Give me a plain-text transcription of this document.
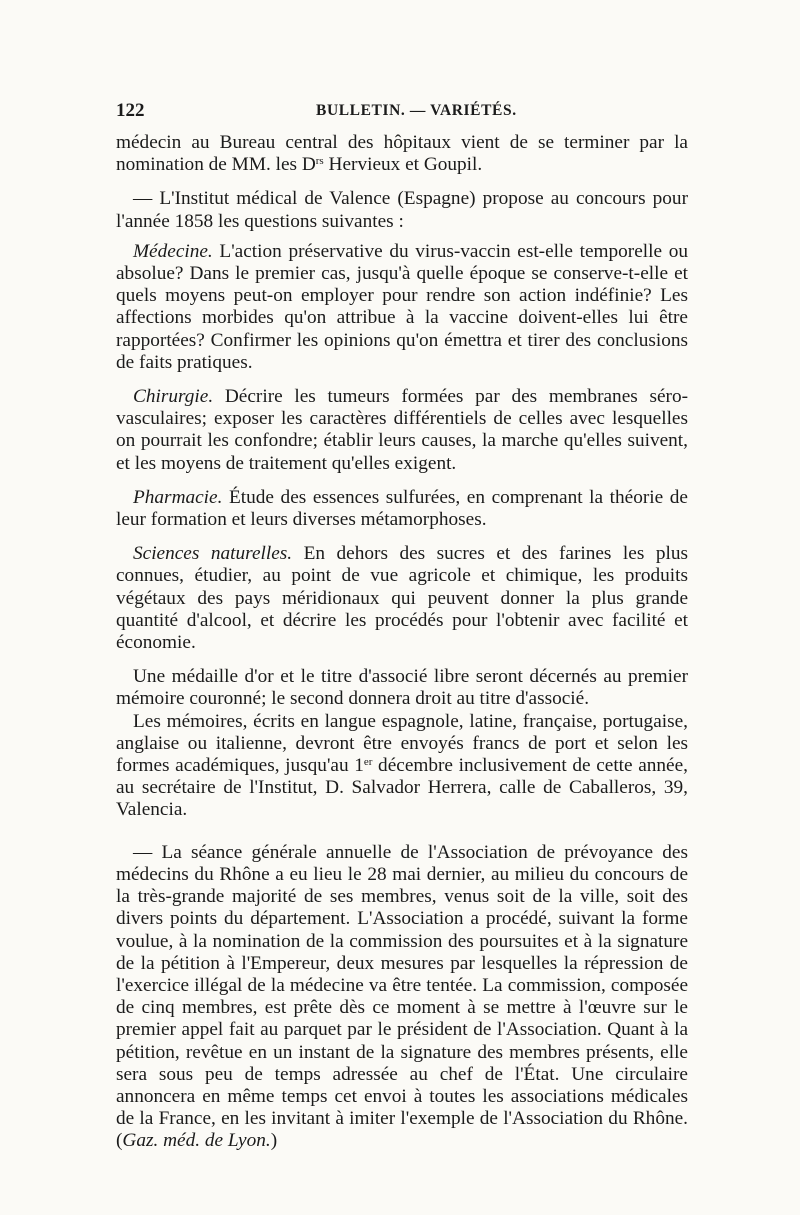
122	BULLETIN. — VARIÉTÉS.

médecin au Bureau central des hôpitaux vient de se terminer par la nomination de MM. les $D^{rs}$ Hervieux et Goupil.

— L'Institut médical de Valence (Espagne) propose au concours pour l'année 1858 les questions suivantes :

Médecine. L'action préservative du virus-vaccin est-elle temporelle ou absolue? Dans le premier cas, jusqu'à quelle époque se conserve-t-elle et quels moyens peut-on employer pour rendre son action indéfinie? Les affections morbides qu'on attribue à la vaccine doivent-elles lui être rapportées? Confirmer les opinions qu'on émettra et tirer des conclusions de faits pratiques.

Chirurgie. Décrire les tumeurs formées par des membranes séro-vasculaires; exposer les caractères différentiels de celles avec lesquelles on pourrait les confondre; établir leurs causes, la marche qu'elles suivent, et les moyens de traitement qu'elles exigent.

Pharmacie. Étude des essences sulfurées, en comprenant la théorie de leur formation et leurs diverses métamorphoses.

Sciences naturelles. En dehors des sucres et des farines les plus connues, étudier, au point de vue agricole et chimique, les produits végétaux des pays méridionaux qui peuvent donner la plus grande quantité d'alcool, et décrire les procédés pour l'obtenir avec facilité et économie.

Une médaille d'or et le titre d'associé libre seront décernés au premier mémoire couronné; le second donnera droit au titre d'associé.

Les mémoires, écrits en langue espagnole, latine, française, portugaise, anglaise ou italienne, devront être envoyés francs de port et selon les formes académiques, jusqu'au 1er décembre inclusivement de cette année, au secrétaire de l'Institut, D. Salvador Herrera, calle de Caballeros, 39, Valencia.

— La séance générale annuelle de l'Association de prévoyance des médecins du Rhône a eu lieu le 28 mai dernier, au milieu du concours de la très-grande majorité de ses membres, venus soit de la ville, soit des divers points du département. L'Association a procédé, suivant la forme voulue, à la nomination de la commission des poursuites et à la signature de la pétition à l'Empereur, deux mesures par lesquelles la répression de l'exercice illégal de la médecine va être tentée. La commission, composée de cinq membres, est prête dès ce moment à se mettre à l'œuvre sur le premier appel fait au parquet par le président de l'Association. Quant à la pétition, revêtue en un instant de la signature des membres présents, elle sera sous peu de temps adressée au chef de l'État. Une circulaire annoncera en même temps cet envoi à toutes les associations médicales de la France, en les invitant à imiter l'exemple de l'Association du Rhône. (Gaz. méd. de Lyon.)
